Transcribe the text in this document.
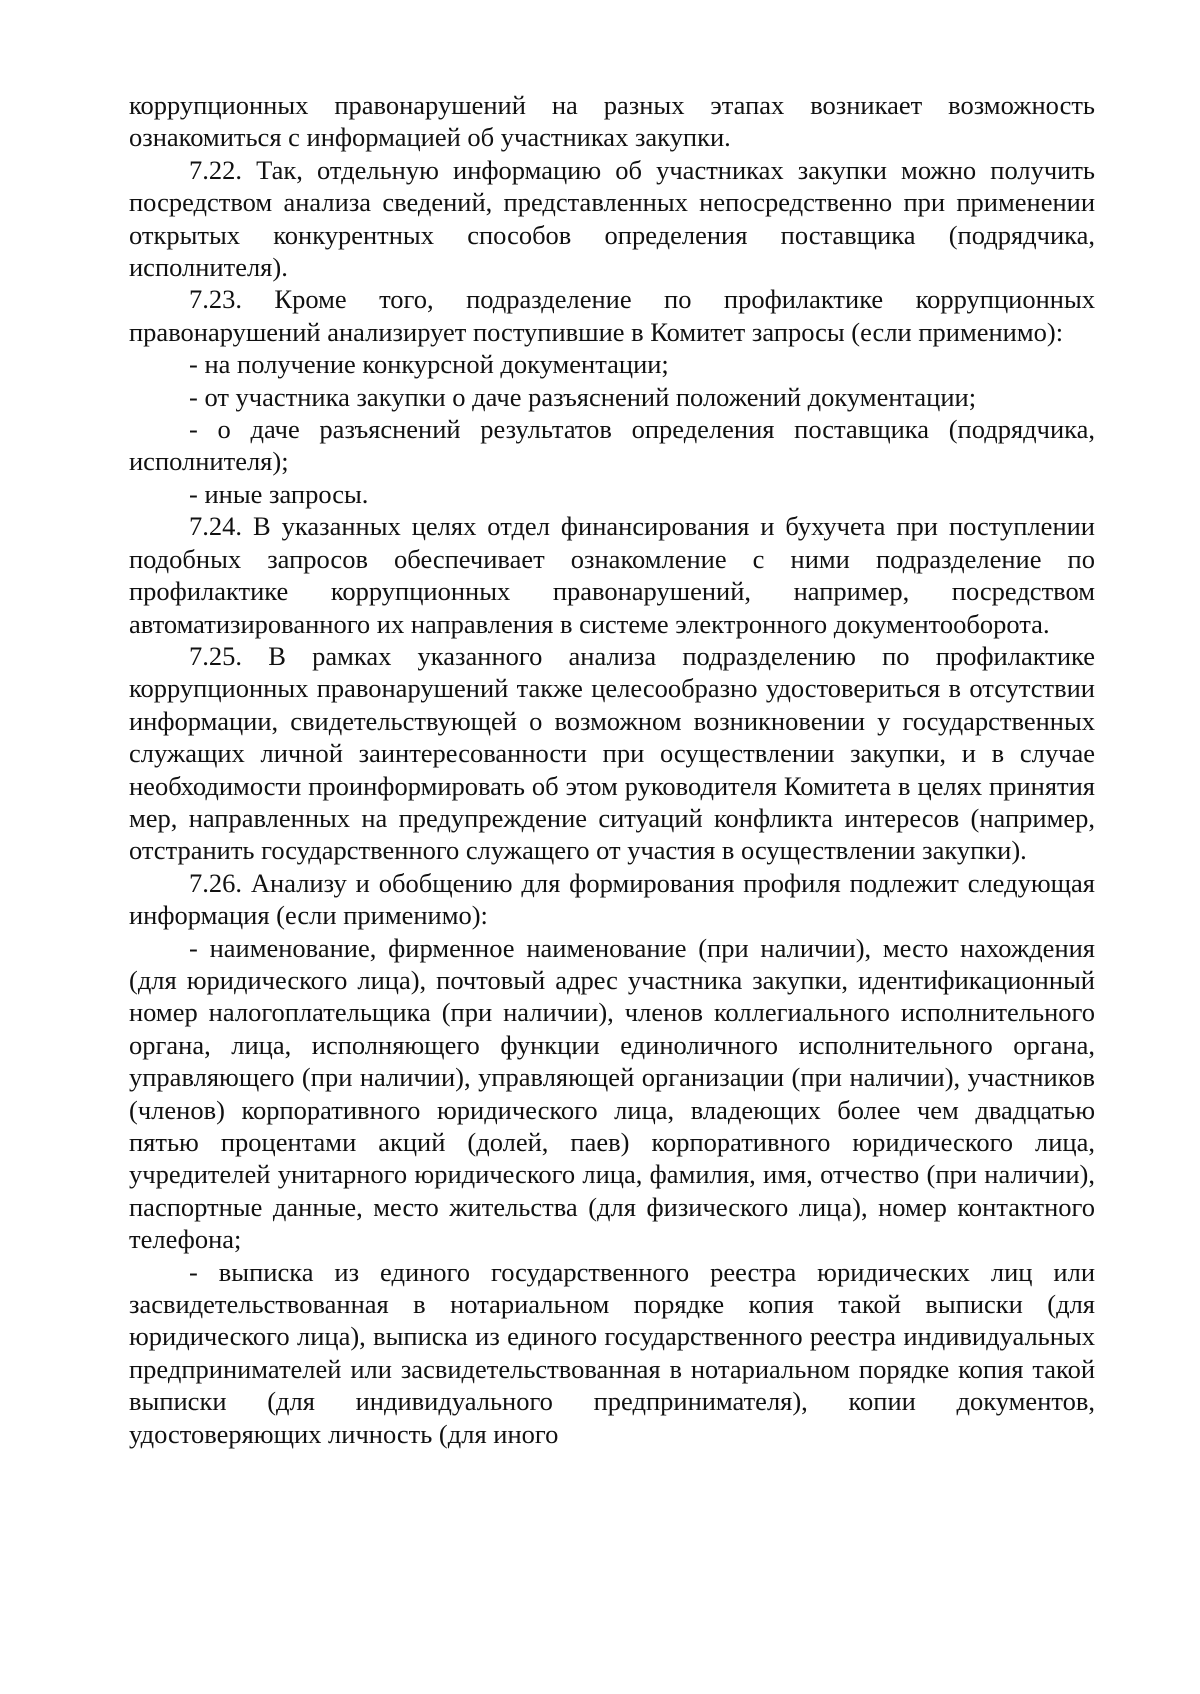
коррупционных правонарушений на разных этапах возникает возможность ознакомиться с информацией об участниках закупки.

7.22. Так, отдельную информацию об участниках закупки можно получить посредством анализа сведений, представленных непосредственно при применении открытых конкурентных способов определения поставщика (подрядчика, исполнителя).

7.23. Кроме того, подразделение по профилактике коррупционных правонарушений анализирует поступившие в Комитет запросы (если применимо):

- на получение конкурсной документации;

- от участника закупки о даче разъяснений положений документации;

- о даче разъяснений результатов определения поставщика (подрядчика, исполнителя);

- иные запросы.

7.24. В указанных целях отдел финансирования и бухучета при поступлении подобных запросов обеспечивает ознакомление с ними подразделение по профилактике коррупционных правонарушений, например, посредством автоматизированного их направления в системе электронного документооборота.

7.25. В рамках указанного анализа подразделению по профилактике коррупционных правонарушений также целесообразно удостовериться в отсутствии информации, свидетельствующей о возможном возникновении у государственных служащих личной заинтересованности при осуществлении закупки, и в случае необходимости проинформировать об этом руководителя Комитета в целях принятия мер, направленных на предупреждение ситуаций конфликта интересов (например, отстранить государственного служащего от участия в осуществлении закупки).

7.26. Анализу и обобщению для формирования профиля подлежит следующая информация (если применимо):

- наименование, фирменное наименование (при наличии), место нахождения (для юридического лица), почтовый адрес участника закупки, идентификационный номер налогоплательщика (при наличии), членов коллегиального исполнительного органа, лица, исполняющего функции единоличного исполнительного органа, управляющего (при наличии), управляющей организации (при наличии), участников (членов) корпоративного юридического лица, владеющих более чем двадцатью пятью процентами акций (долей, паев) корпоративного юридического лица, учредителей унитарного юридического лица, фамилия, имя, отчество (при наличии), паспортные данные, место жительства (для физического лица), номер контактного телефона;

- выписка из единого государственного реестра юридических лиц или засвидетельствованная в нотариальном порядке копия такой выписки (для юридического лица), выписка из единого государственного реестра индивидуальных предпринимателей или засвидетельствованная в нотариальном порядке копия такой выписки (для индивидуального предпринимателя), копии документов, удостоверяющих личность (для иного
